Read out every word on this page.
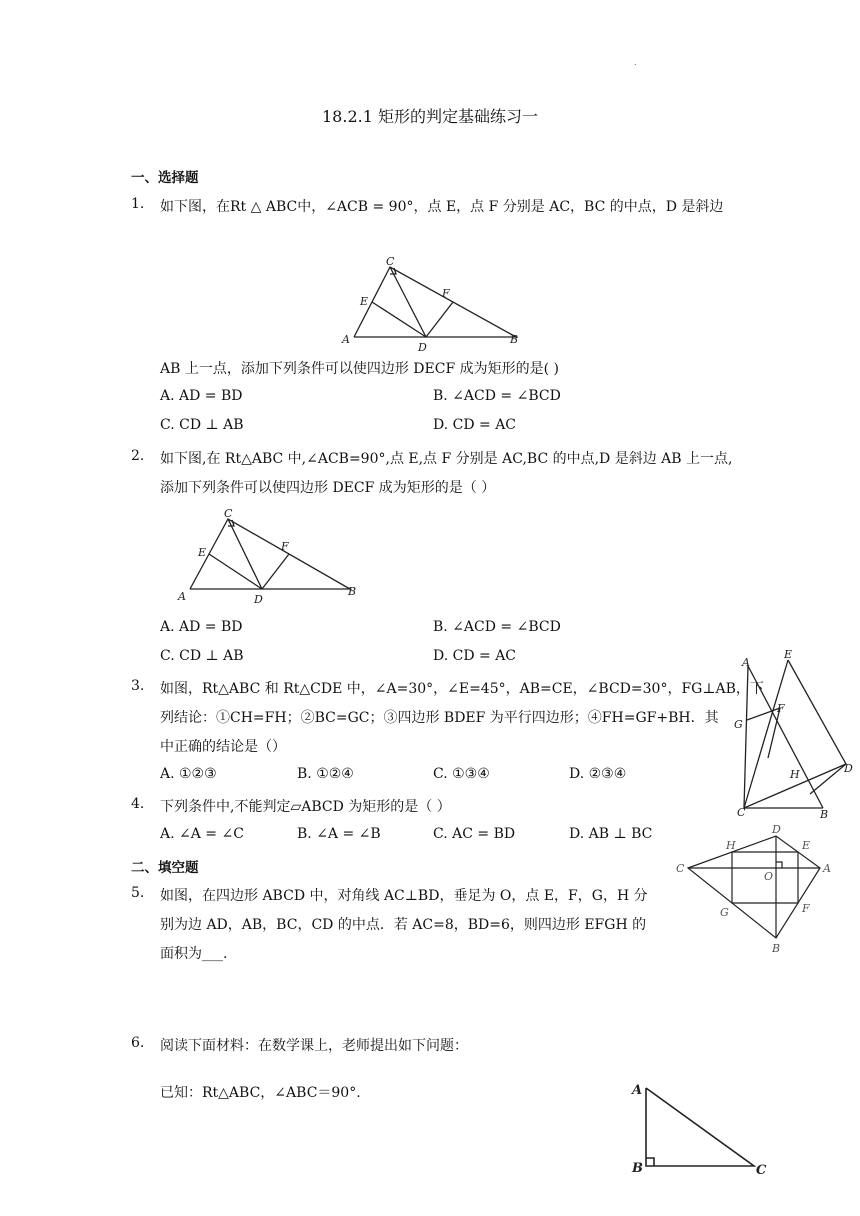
.
18.2.1 矩形的判定基础练习一
一、选择题
1. 如下图，在Rt △ ABC中，∠ACB = 90°，点 E，点 F 分别是 AC，BC 的中点，D 是斜边
C
E
F
A
D
B
AB 上一点，添加下列条件可以使四边形 DECF 成为矩形的是( )
A. AD = BD	B. ∠ACD = ∠BCD
C. CD ⊥ AB	D. CD = AC
2. 如下图,在 Rt△ABC 中,∠ACB=90°,点 E,点 F 分别是 AC,BC 的中点,D 是斜边 AB 上一点,
添加下列条件可以使四边形 DECF 成为矩形的是（ ）
C
E	F
A	D
B
A. AD = BD	B. ∠ACD = ∠BCD
C. CD ⊥ AB	D. CD = AC
3. 如图，Rt△ABC 和 Rt△CDE 中，∠A=30°，∠E=45°，AB=CE，∠BCD=30°，FG⊥AB，下
列结论：①CH=FH；②BC=GC；③四边形 BDEF 为平行四边形；④FH=GF+BH．其
中正确的结论是（）
A. ①②③	B. ①②④	C. ①③④	D. ②③④
A
E
G
F
H	D
C	B
4. 下列条件中,不能判定▱ABCD 为矩形的是（ ）
A. ∠A = ∠C	B. ∠A = ∠B	C. AC = BD	D. AB ⊥ BC
二、填空题
5. 如图，在四边形 ABCD 中，对角线 AC⊥BD，垂足为 O，点 E，F，G，H 分
别为边 AD，AB，BC，CD 的中点．若 AC=8，BD=6，则四边形 EFGH 的
面积为___.
H
D
E
C
O
A
G	F
B
6. 阅读下面材料：在数学课上，老师提出如下问题：
已知：Rt△ABC，∠ABC＝90°.	A
B	C
